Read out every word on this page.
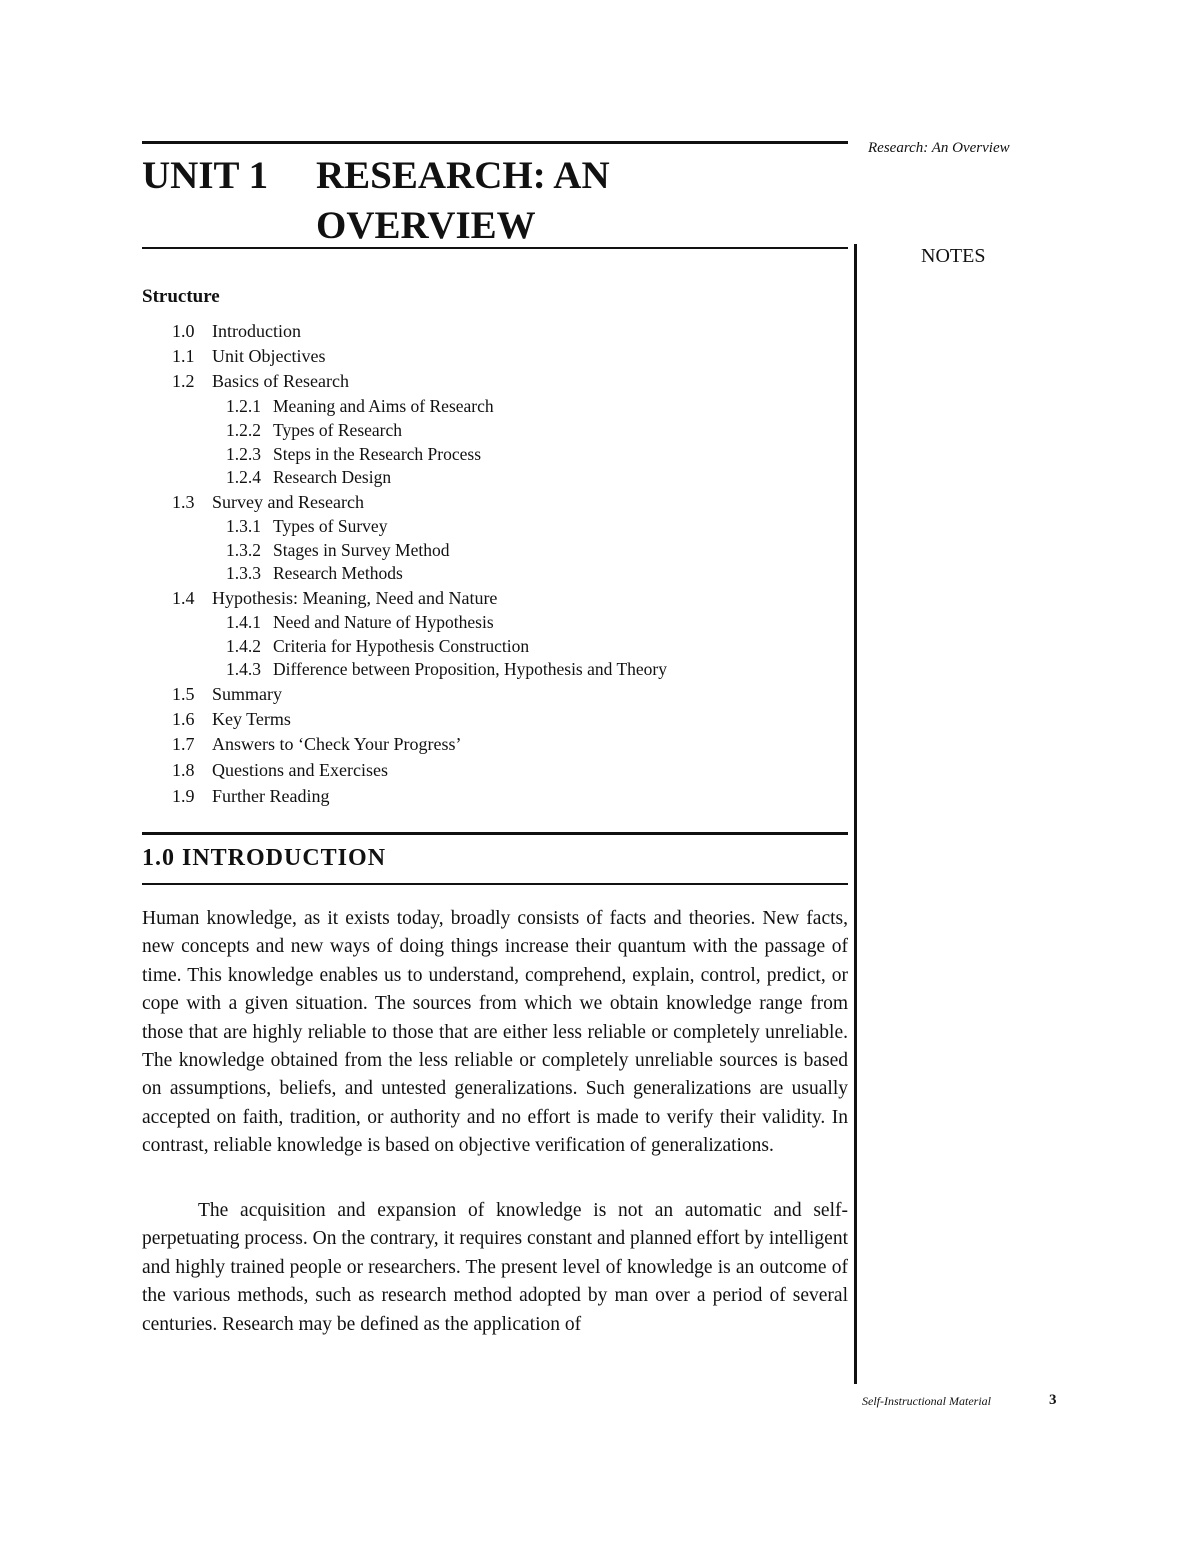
Research: An Overview
UNIT 1 RESEARCH: AN
OVERVIEW
NOTES
Structure
1.0 Introduction
1.1 Unit Objectives
1.2 Basics of Research
1.2.1 Meaning and Aims of Research
1.2.2 Types of Research
1.2.3 Steps in the Research Process
1.2.4 Research Design
1.3 Survey and Research
1.3.1 Types of Survey
1.3.2 Stages in Survey Method
1.3.3 Research Methods
1.4 Hypothesis: Meaning, Need and Nature
1.4.1 Need and Nature of Hypothesis
1.4.2 Criteria for Hypothesis Construction
1.4.3 Difference between Proposition, Hypothesis and Theory
1.5 Summary
1.6 Key Terms
1.7 Answers to ‘Check Your Progress’
1.8 Questions and Exercises
1.9 Further Reading
1.0 INTRODUCTION

Human knowledge, as it exists today, broadly consists of facts and theories. New facts, new concepts and new ways of doing things increase their quantum with the passage of time. This knowledge enables us to understand, comprehend, explain, control, predict, or cope with a given situation. The sources from which we obtain knowledge range from those that are highly reliable to those that are either less reliable or completely unreliable. The knowledge obtained from the less reliable or completely unreliable sources is based on assumptions, beliefs, and untested generalizations. Such generalizations are usually accepted on faith, tradition, or authority and no effort is made to verify their validity. In contrast, reliable knowledge is based on objective verification of generalizations.

The acquisition and expansion of knowledge is not an automatic and self-perpetuating process. On the contrary, it requires constant and planned effort by intelligent and highly trained people or researchers. The present level of knowledge is an outcome of the various methods, such as research method adopted by man over a period of several centuries. Research may be defined as the application of

Self-Instructional Material	3
